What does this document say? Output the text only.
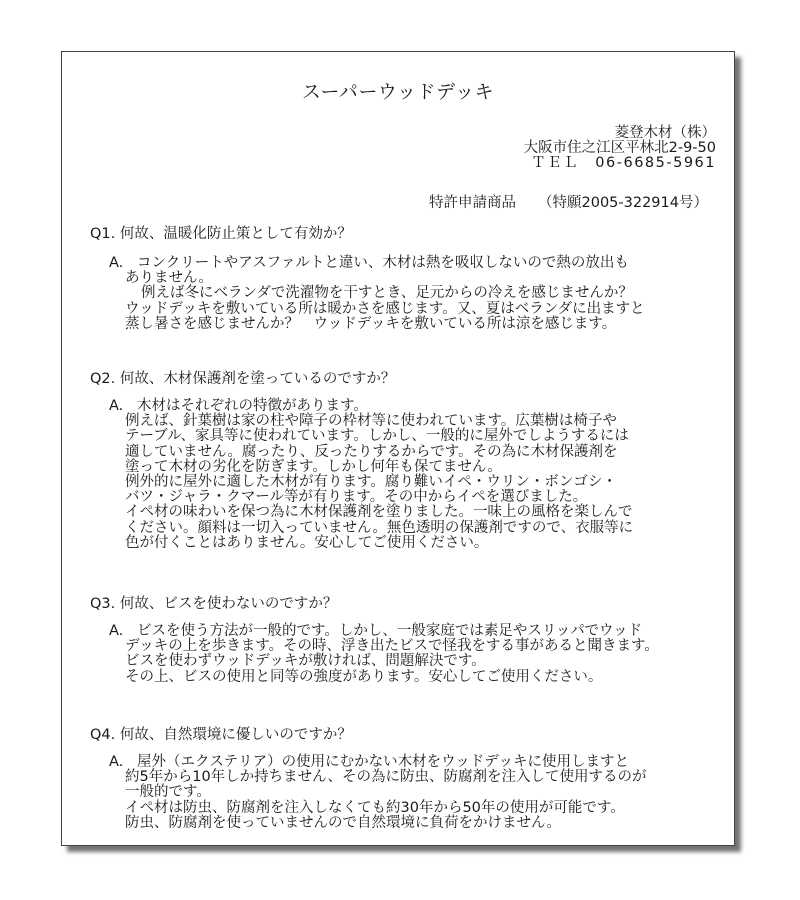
スーパーウッドデッキ
菱登木材（株）
大阪市住之江区平林北2-9-50
ＴＥＬ　06-6685-5961
特許申請商品 （特願2005-322914号）
Q1. 何故、温暖化防止策として有効か？
A. コンクリートやアスファルトと違い、木材は熱を吸収しないので熱の放出も
ありません。
例えば冬にベランダで洗濯物を干すとき、足元からの冷えを感じませんか？
ウッドデッキを敷いている所は暖かさを感じます。又、夏はベランダに出ますと
蒸し暑さを感じませんか？　ウッドデッキを敷いている所は涼を感じます。
Q2. 何故、木材保護剤を塗っているのですか？
A. 木材はそれぞれの特徴があります。
例えば、針葉樹は家の柱や障子の枠材等に使われています。広葉樹は椅子や
テーブル、家具等に使われています。しかし、一般的に屋外でしようするには
適していません。腐ったり、反ったりするからです。その為に木材保護剤を
塗って木材の劣化を防ぎます。しかし何年も保てません。
例外的に屋外に適した木材が有ります。腐り難いイペ・ウリン・ボンゴシ・
バツ・ジャラ・クマール等が有ります。その中からイペを選びました。
イペ材の味わいを保つ為に木材保護剤を塗りました。一味上の風格を楽しんで
ください。顔料は一切入っていません。無色透明の保護剤ですので、衣服等に
色が付くことはありません。安心してご使用ください。
Q3. 何故、ビスを使わないのですか？
A. ビスを使う方法が一般的です。しかし、一般家庭では素足やスリッパでウッド
デッキの上を歩きます。その時、浮き出たビスで怪我をする事があると聞きます。
ビスを使わずウッドデッキが敷ければ、問題解決です。
その上、ビスの使用と同等の強度があります。安心してご使用ください。
Q4. 何故、自然環境に優しいのですか？
A. 屋外（エクステリア）の使用にむかない木材をウッドデッキに使用しますと
約5年から10年しか持ちません、その為に防虫、防腐剤を注入して使用するのが
一般的です。
イペ材は防虫、防腐剤を注入しなくても約30年から50年の使用が可能です。
防虫、防腐剤を使っていませんので自然環境に負荷をかけません。
